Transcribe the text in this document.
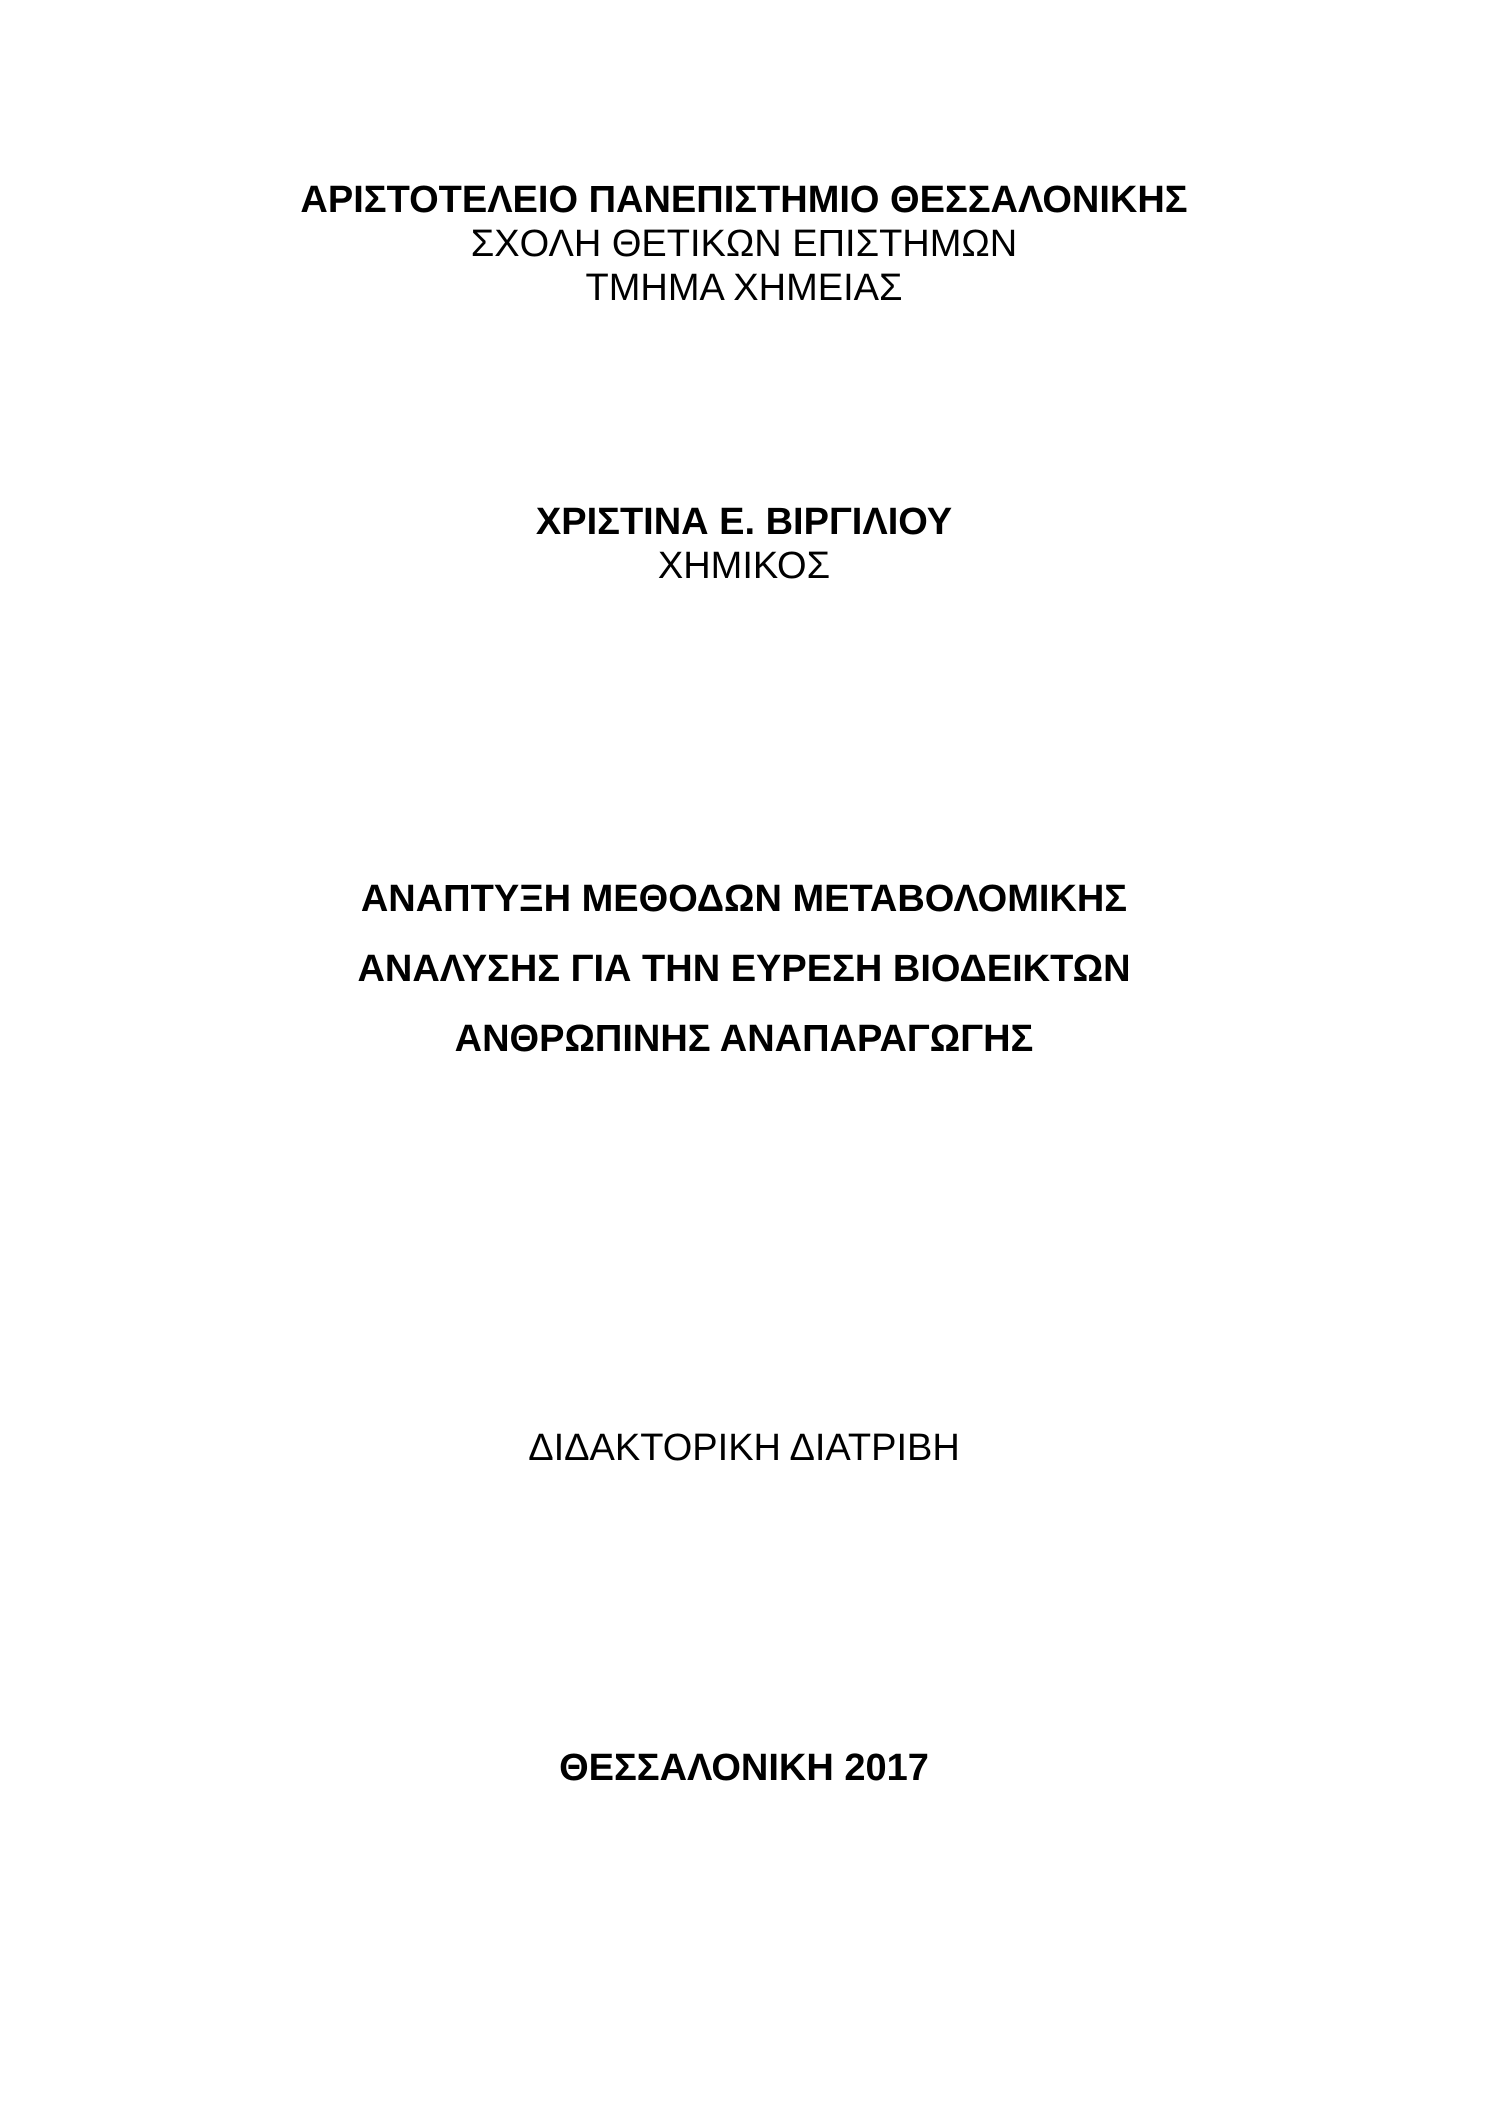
ΑΡΙΣΤΟΤΕΛΕΙΟ ΠΑΝΕΠΙΣΤΗΜΙΟ ΘΕΣΣΑΛΟΝΙΚΗΣ
ΣΧΟΛΗ ΘΕΤΙΚΩΝ ΕΠΙΣΤΗΜΩΝ
ΤΜΗΜΑ ΧΗΜΕΙΑΣ
ΧΡΙΣΤΙΝΑ Ε. ΒΙΡΓΙΛΙΟΥ
ΧΗΜΙΚΟΣ
ΑΝΑΠΤΥΞΗ ΜΕΘΟΔΩΝ ΜΕΤΑΒΟΛΟΜΙΚΗΣ
ΑΝΑΛΥΣΗΣ ΓΙΑ ΤΗΝ ΕΥΡΕΣΗ ΒΙΟΔΕΙΚΤΩΝ
ΑΝΘΡΩΠΙΝΗΣ ΑΝΑΠΑΡΑΓΩΓΗΣ
ΔΙΔΑΚΤΟΡΙΚΗ ΔΙΑΤΡΙΒΗ
ΘΕΣΣΑΛΟΝΙΚΗ 2017
